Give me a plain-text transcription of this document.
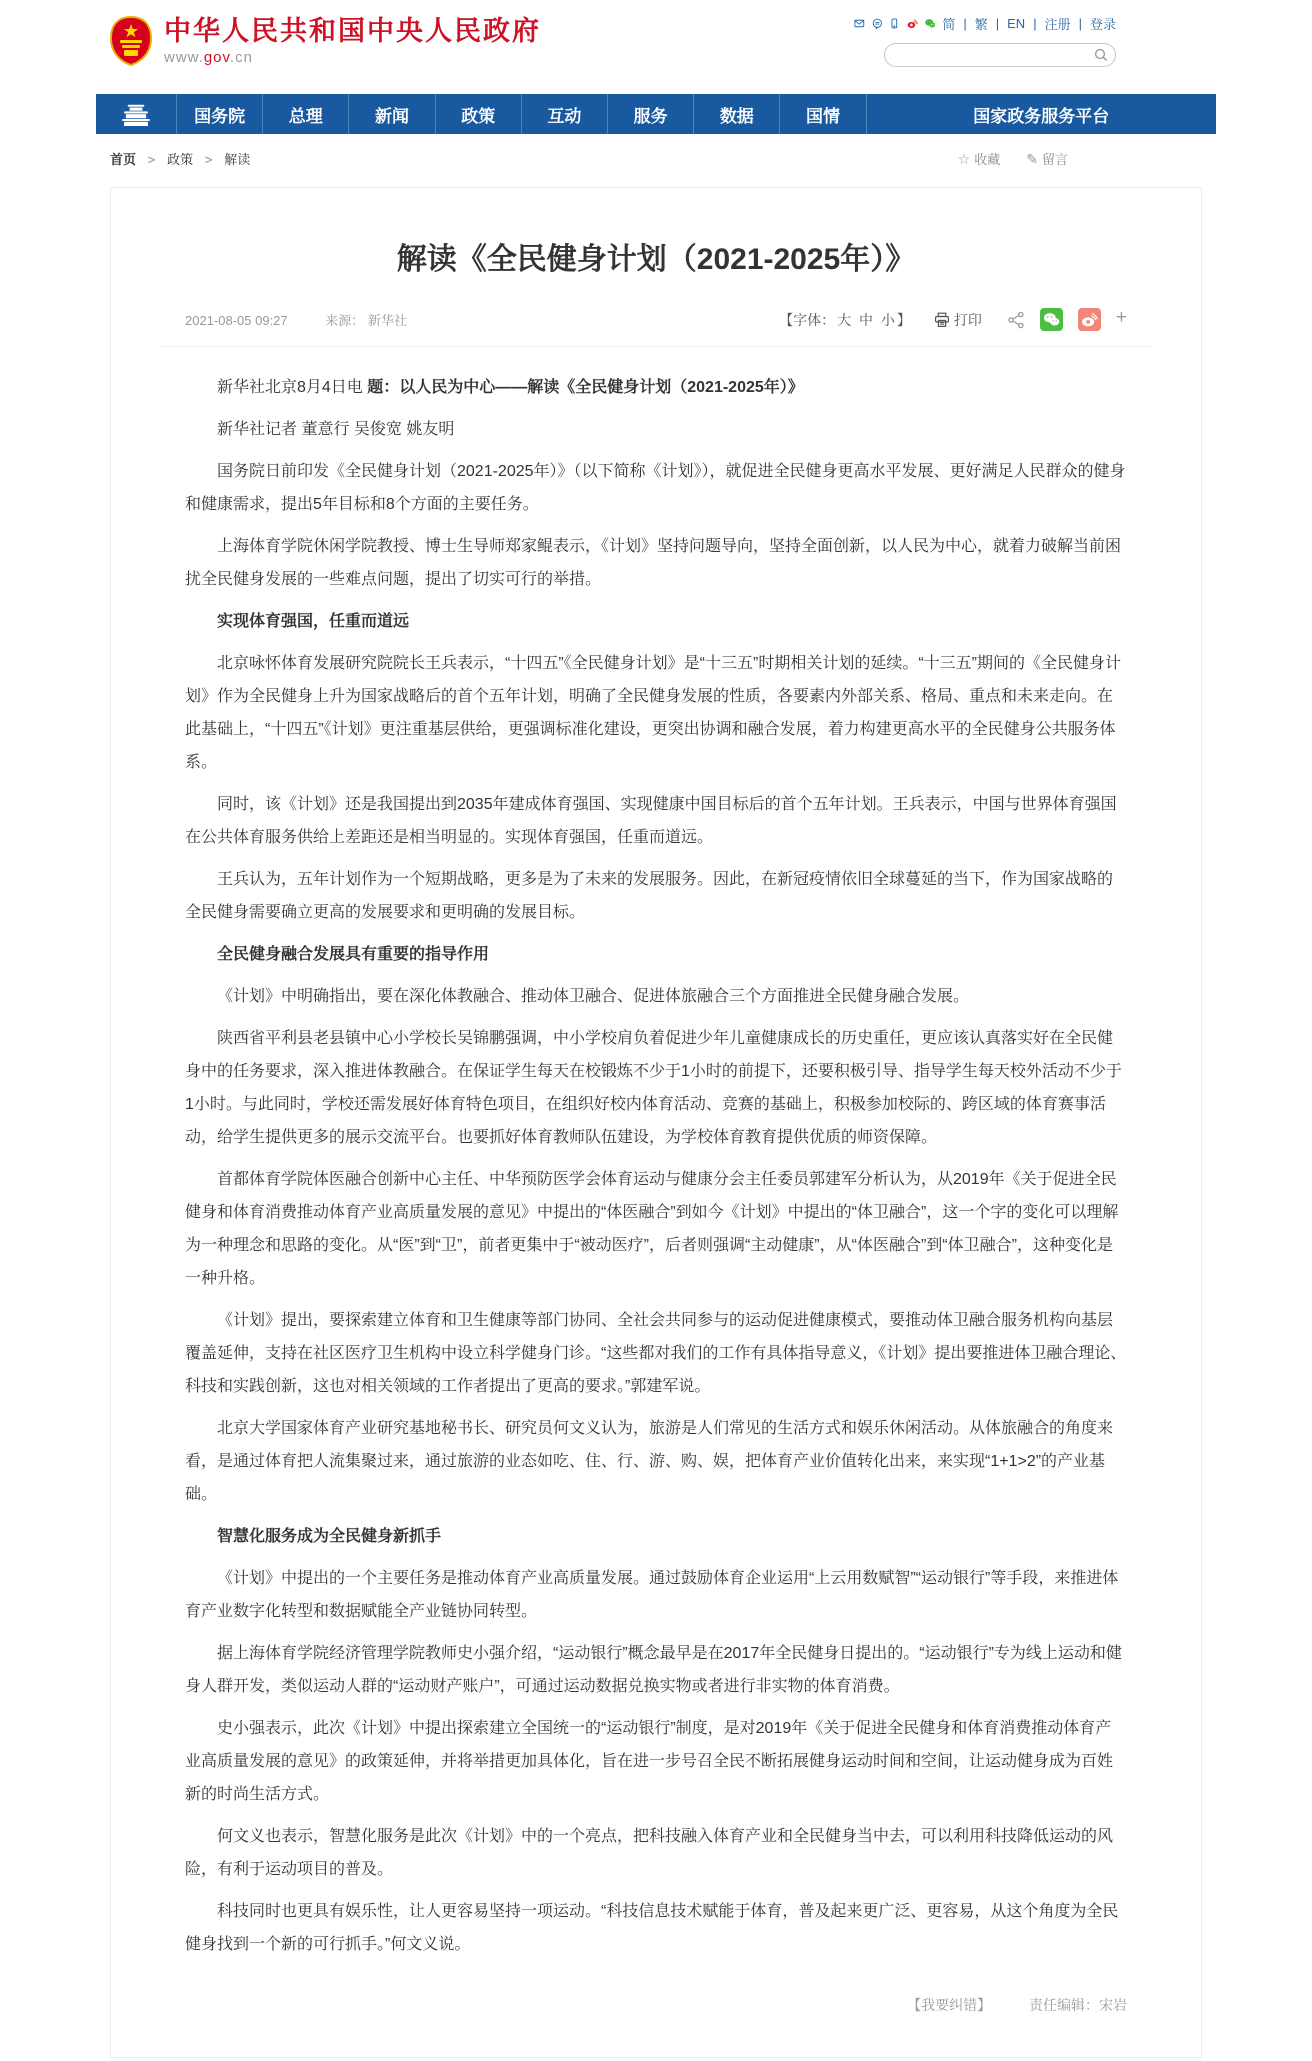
中华人民共和国中央人民政府
www.gov.cn
简 | 繁 | EN | 注册 | 登录
国务院	总理	新闻	政策	互动	服务	数据	国情	国家政务服务平台
首页 > 政策 > 解读	☆ 收藏 ✎ 留言
解读《全民健身计划（2021-2025年）》
2021-08-05 09:27	来源： 新华社	【字体： 大 中 小 】	打印	+

新华社北京8月4日电 题：以人民为中心——解读《全民健身计划（2021-2025年）》

新华社记者 董意行 吴俊宽 姚友明

国务院日前印发《全民健身计划（2021-2025年）》（以下简称《计划》），就促进全民健身更高水平发展、更好满足人民群众的健身和健康需求，提出5年目标和8个方面的主要任务。

上海体育学院休闲学院教授、博士生导师郑家鲲表示，《计划》坚持问题导向，坚持全面创新，以人民为中心，就着力破解当前困扰全民健身发展的一些难点问题，提出了切实可行的举措。

实现体育强国，任重而道远

北京咏怀体育发展研究院院长王兵表示，“十四五”《全民健身计划》是“十三五”时期相关计划的延续。“十三五”期间的《全民健身计划》作为全民健身上升为国家战略后的首个五年计划，明确了全民健身发展的性质，各要素内外部关系、格局、重点和未来走向。在此基础上，“十四五”《计划》更注重基层供给，更强调标准化建设，更突出协调和融合发展，着力构建更高水平的全民健身公共服务体系。

同时，该《计划》还是我国提出到2035年建成体育强国、实现健康中国目标后的首个五年计划。王兵表示，中国与世界体育强国在公共体育服务供给上差距还是相当明显的。实现体育强国，任重而道远。

王兵认为，五年计划作为一个短期战略，更多是为了未来的发展服务。因此，在新冠疫情依旧全球蔓延的当下，作为国家战略的全民健身需要确立更高的发展要求和更明确的发展目标。

全民健身融合发展具有重要的指导作用

《计划》中明确指出，要在深化体教融合、推动体卫融合、促进体旅融合三个方面推进全民健身融合发展。

陕西省平利县老县镇中心小学校长吴锦鹏强调，中小学校肩负着促进少年儿童健康成长的历史重任，更应该认真落实好在全民健身中的任务要求，深入推进体教融合。在保证学生每天在校锻炼不少于1小时的前提下，还要积极引导、指导学生每天校外活动不少于1小时。与此同时，学校还需发展好体育特色项目，在组织好校内体育活动、竞赛的基础上，积极参加校际的、跨区域的体育赛事活动，给学生提供更多的展示交流平台。也要抓好体育教师队伍建设，为学校体育教育提供优质的师资保障。

首都体育学院体医融合创新中心主任、中华预防医学会体育运动与健康分会主任委员郭建军分析认为，从2019年《关于促进全民健身和体育消费推动体育产业高质量发展的意见》中提出的“体医融合”到如今《计划》中提出的“体卫融合”，这一个字的变化可以理解为一种理念和思路的变化。从“医”到“卫”，前者更集中于“被动医疗”，后者则强调“主动健康”，从“体医融合”到“体卫融合”，这种变化是一种升格。

《计划》提出，要探索建立体育和卫生健康等部门协同、全社会共同参与的运动促进健康模式，要推动体卫融合服务机构向基层覆盖延伸，支持在社区医疗卫生机构中设立科学健身门诊。“这些都对我们的工作有具体指导意义，《计划》提出要推进体卫融合理论、科技和实践创新，这也对相关领域的工作者提出了更高的要求。”郭建军说。

北京大学国家体育产业研究基地秘书长、研究员何文义认为，旅游是人们常见的生活方式和娱乐休闲活动。从体旅融合的角度来看，是通过体育把人流集聚过来，通过旅游的业态如吃、住、行、游、购、娱，把体育产业价值转化出来，来实现“1+1>2”的产业基础。

智慧化服务成为全民健身新抓手

《计划》中提出的一个主要任务是推动体育产业高质量发展。通过鼓励体育企业运用“上云用数赋智”“运动银行”等手段，来推进体育产业数字化转型和数据赋能全产业链协同转型。

据上海体育学院经济管理学院教师史小强介绍，“运动银行”概念最早是在2017年全民健身日提出的。“运动银行”专为线上运动和健身人群开发，类似运动人群的“运动财产账户”，可通过运动数据兑换实物或者进行非实物的体育消费。

史小强表示，此次《计划》中提出探索建立全国统一的“运动银行”制度，是对2019年《关于促进全民健身和体育消费推动体育产业高质量发展的意见》的政策延伸，并将举措更加具体化，旨在进一步号召全民不断拓展健身运动时间和空间，让运动健身成为百姓新的时尚生活方式。

何文义也表示，智慧化服务是此次《计划》中的一个亮点，把科技融入体育产业和全民健身当中去，可以利用科技降低运动的风险，有利于运动项目的普及。

科技同时也更具有娱乐性，让人更容易坚持一项运动。“科技信息技术赋能于体育，普及起来更广泛、更容易，从这个角度为全民健身找到一个新的可行抓手。”何文义说。

【我要纠错】	责任编辑：宋岩
